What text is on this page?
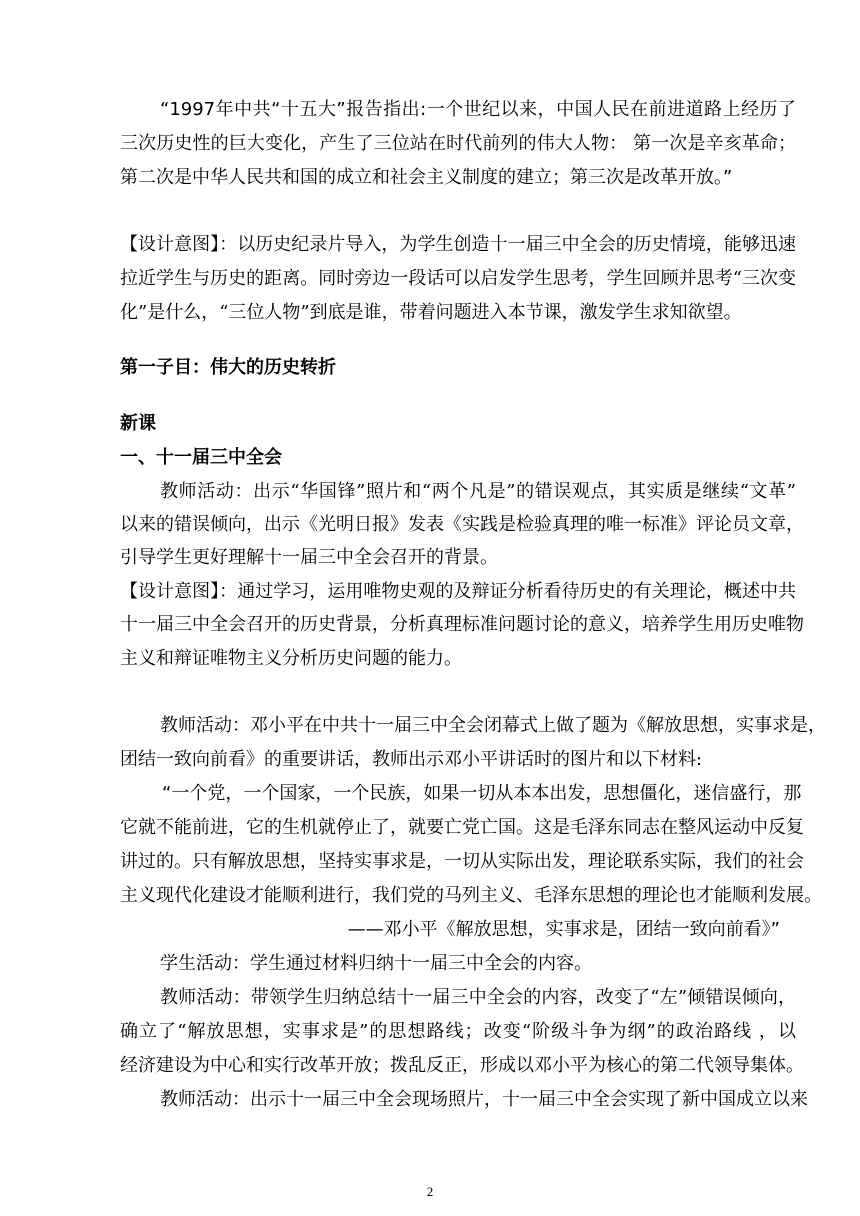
“1997年中共“十五大”报告指出:一个世纪以来，中国人民在前进道路上经历了
三次历史性的巨大变化，产生了三位站在时代前列的伟大人物： 第一次是辛亥革命；
第二次是中华人民共和国的成立和社会主义制度的建立；第三次是改革开放。”
【设计意图】：以历史纪录片导入，为学生创造十一届三中全会的历史情境，能够迅速
拉近学生与历史的距离。同时旁边一段话可以启发学生思考，学生回顾并思考“三次变
化”是什么，“三位人物”到底是谁，带着问题进入本节课，激发学生求知欲望。
第一子目：伟大的历史转折
新课
一、十一届三中全会
教师活动：出示“华国锋”照片和“两个凡是”的错误观点，其实质是继续“文革”
以来的错误倾向，出示《光明日报》发表《实践是检验真理的唯一标准》评论员文章，
引导学生更好理解十一届三中全会召开的背景。
【设计意图】：通过学习，运用唯物史观的及辩证分析看待历史的有关理论，概述中共
十一届三中全会召开的历史背景，分析真理标准问题讨论的意义，培养学生用历史唯物
主义和辩证唯物主义分析历史问题的能力。
教师活动：邓小平在中共十一届三中全会闭幕式上做了题为《解放思想，实事求是，
团结一致向前看》的重要讲话，教师出示邓小平讲话时的图片和以下材料:
“一个党，一个国家，一个民族，如果一切从本本出发，思想僵化，迷信盛行，那
它就不能前进，它的生机就停止了，就要亡党亡国。这是毛泽东同志在整风运动中反复
讲过的。只有解放思想，坚持实事求是，一切从实际出发，理论联系实际，我们的社会
主义现代化建设才能顺利进行，我们党的马列主义、毛泽东思想的理论也才能顺利发展。
——邓小平《解放思想，实事求是，团结一致向前看》”
学生活动：学生通过材料归纳十一届三中全会的内容。
教师活动：带领学生归纳总结十一届三中全会的内容，改变了“左”倾错误倾向，
确立了“解放思想，实事求是”的思想路线；改变“阶级斗争为纲”的政治路线 ，以
经济建设为中心和实行改革开放；拨乱反正，形成以邓小平为核心的第二代领导集体。
教师活动：出示十一届三中全会现场照片，十一届三中全会实现了新中国成立以来
2
